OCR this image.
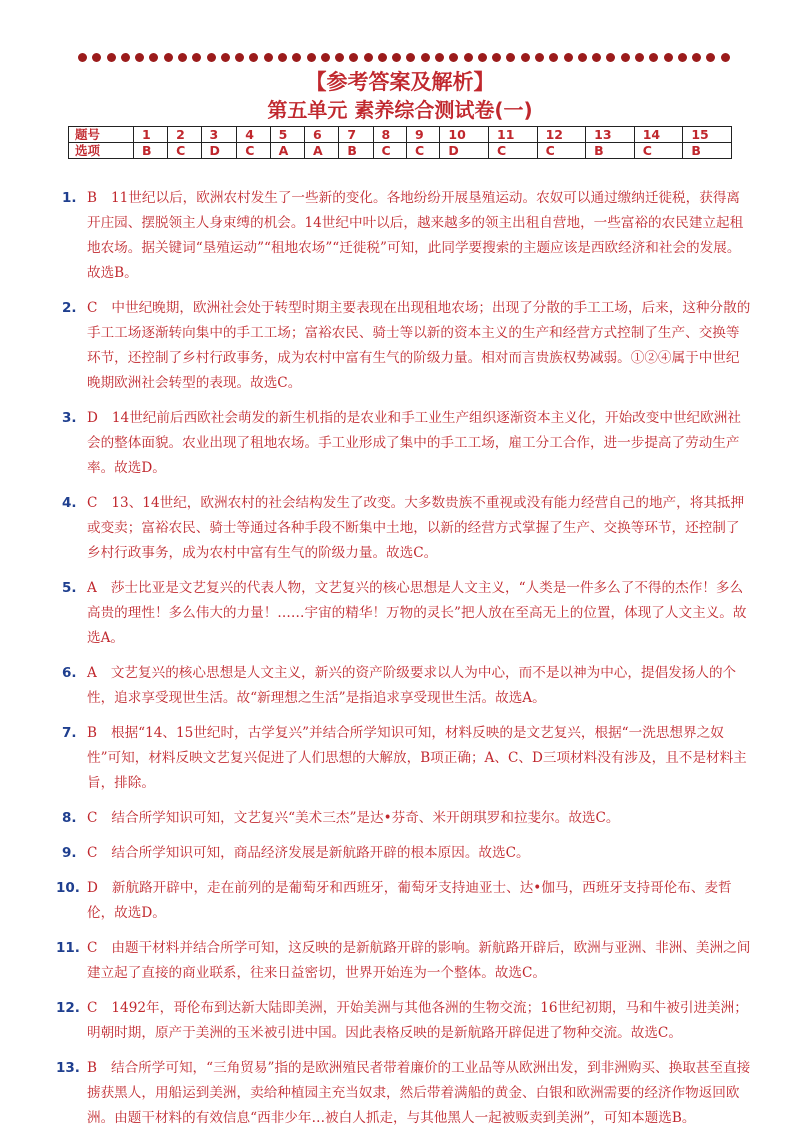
【参考答案及解析】
第五单元 素养综合测试卷(一)
题号	1	2	3	4	5	6	7	8	9	10	11	12	13	14	15
选项	B	C	D	C	A	A	B	C	C	D	C	C	B	C	B
1. B 11世纪以后，欧洲农村发生了一些新的变化。各地纷纷开展垦殖运动。农奴可以通过缴纳迁徙税，获得离开庄园、摆脱领主人身束缚的机会。14世纪中叶以后，越来越多的领主出租自营地，一些富裕的农民建立起租地农场。据关键词“垦殖运动”“租地农场”“迁徙税”可知，此同学要搜索的主题应该是西欧经济和社会的发展。故选B。
2. C 中世纪晚期，欧洲社会处于转型时期主要表现在出现租地农场；出现了分散的手工工场，后来，这种分散的手工工场逐渐转向集中的手工工场；富裕农民、骑士等以新的资本主义的生产和经营方式控制了生产、交换等环节，还控制了乡村行政事务，成为农村中富有生气的阶级力量。相对而言贵族权势减弱。①②④属于中世纪晚期欧洲社会转型的表现。故选C。
3. D 14世纪前后西欧社会萌发的新生机指的是农业和手工业生产组织逐渐资本主义化，开始改变中世纪欧洲社会的整体面貌。农业出现了租地农场。手工业形成了集中的手工工场，雇工分工合作，进一步提高了劳动生产率。故选D。
4. C 13、14世纪，欧洲农村的社会结构发生了改变。大多数贵族不重视或没有能力经营自己的地产，将其抵押或变卖；富裕农民、骑士等通过各种手段不断集中土地，以新的经营方式掌握了生产、交换等环节，还控制了乡村行政事务，成为农村中富有生气的阶级力量。故选C。
5. A 莎士比亚是文艺复兴的代表人物，文艺复兴的核心思想是人文主义，“人类是一件多么了不得的杰作！多么高贵的理性！多么伟大的力量！……宇宙的精华！万物的灵长”把人放在至高无上的位置，体现了人文主义。故选A。
6. A 文艺复兴的核心思想是人文主义，新兴的资产阶级要求以人为中心，而不是以神为中心，提倡发扬人的个性，追求享受现世生活。故“新理想之生活”是指追求享受现世生活。故选A。
7. B 根据“14、15世纪时，古学复兴”并结合所学知识可知，材料反映的是文艺复兴，根据“一洗思想界之奴性”可知，材料反映文艺复兴促进了人们思想的大解放，B项正确；A、C、D三项材料没有涉及，且不是材料主旨，排除。
8. C 结合所学知识可知，文艺复兴“美术三杰”是达•芬奇、米开朗琪罗和拉斐尔。故选C。
9. C 结合所学知识可知，商品经济发展是新航路开辟的根本原因。故选C。
10. D 新航路开辟中，走在前列的是葡萄牙和西班牙，葡萄牙支持迪亚士、达•伽马，西班牙支持哥伦布、麦哲伦，故选D。
11. C 由题干材料并结合所学可知，这反映的是新航路开辟的影响。新航路开辟后，欧洲与亚洲、非洲、美洲之间建立起了直接的商业联系，往来日益密切，世界开始连为一个整体。故选C。
12. C 1492年，哥伦布到达新大陆即美洲，开始美洲与其他各洲的生物交流；16世纪初期，马和牛被引进美洲；明朝时期，原产于美洲的玉米被引进中国。因此表格反映的是新航路开辟促进了物种交流。故选C。
13. B 结合所学可知，“三角贸易”指的是欧洲殖民者带着廉价的工业品等从欧洲出发，到非洲购买、换取甚至直接掳获黑人，用船运到美洲，卖给种植园主充当奴隶，然后带着满船的黄金、白银和欧洲需要的经济作物返回欧洲。由题干材料的有效信息“西非少年…被白人抓走，与其他黑人一起被贩卖到美洲”，可知本题选B。
